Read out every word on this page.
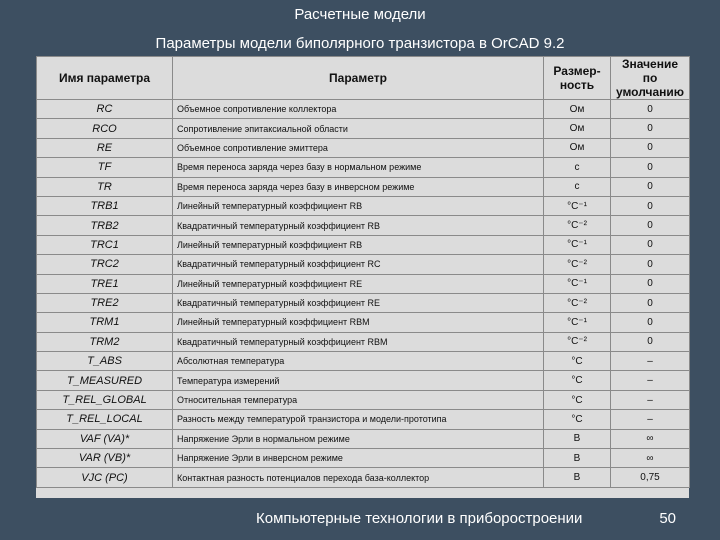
Расчетные модели
Параметры модели биполярного транзистора в OrCAD 9.2
Имя параметра	Параметр	Размер-ность	Значение по умолчанию
RC	Объемное сопротивление коллектора	Ом	0
RCO	Сопротивление эпитаксиальной области	Ом	0
RE	Объемное сопротивление эмиттера	Ом	0
TF	Время переноса заряда через базу в нормальном режиме	с	0
TR	Время переноса заряда через базу в инверсном режиме	с	0
TRB1	Линейный температурный коэффициент RB	°С⁻¹	0
TRB2	Квадратичный температурный коэффициент RB	°С⁻²	0
TRC1	Линейный температурный коэффициент RB	°С⁻¹	0
TRC2	Квадратичный температурный коэффициент RC	°С⁻²	0
TRE1	Линейный температурный коэффициент RE	°С⁻¹	0
TRE2	Квадратичный температурный коэффициент RE	°С⁻²	0
TRM1	Линейный температурный коэффициент RBM	°С⁻¹	0
TRM2	Квадратичный температурный коэффициент RBM	°С⁻²	0
T_ABS	Абсолютная температура	°С	–
T_MEASURED	Температура измерений	°С	–
T_REL_GLOBAL	Относительная температура	°С	–
T_REL_LOCAL	Разность между температурой транзистора и модели-прототипа	°С	–
VAF (VA)*	Напряжение Эрли в нормальном режиме	В	∞
VAR (VB)*	Напряжение Эрли в инверсном режиме	В	∞
VJC (PC)	Контактная разность потенциалов перехода база-коллектор	В	0,75
Компьютерные технологии в приборостроении	50
